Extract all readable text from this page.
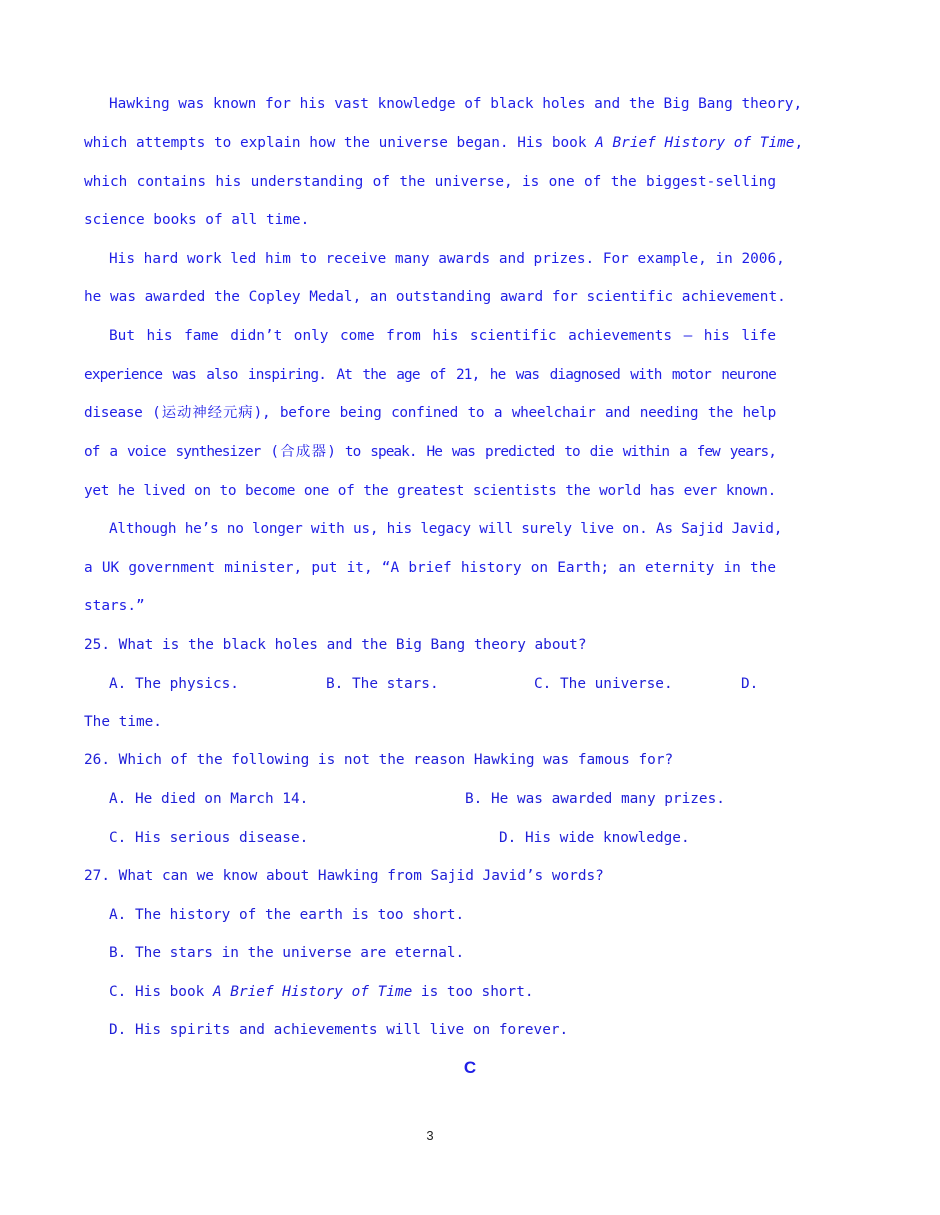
Hawking was known for his vast knowledge of black holes and the Big Bang theory,
which attempts to explain how the universe began. His book A Brief History of Time,
which contains his understanding of the universe, is one of the biggest-selling
science books of all time.
His hard work led him to receive many awards and prizes. For example, in 2006,
he was awarded the Copley Medal, an outstanding award for scientific achievement.
But his fame didn’t only come from his scientific achievements — his life
experience was also inspiring. At the age of 21, he was diagnosed with motor neurone
disease (运动神经元病), before being confined to a wheelchair and needing the help
of a voice synthesizer (合成器) to speak. He was predicted to die within a few years,
yet he lived on to become one of the greatest scientists the world has ever known.
Although he’s no longer with us, his legacy will surely live on. As Sajid Javid,
a UK government minister, put it, “A brief history on Earth; an eternity in the
stars.”
25. What is the black holes and the Big Bang theory about?
A. The physics.	B. The stars.	C. The universe.	D.
The time.
26. Which of the following is not the reason Hawking was famous for?
A. He died on March 14.	B. He was awarded many prizes.
C. His serious disease.	D. His wide knowledge.
27. What can we know about Hawking from Sajid Javid’s words?
A. The history of the earth is too short.
B. The stars in the universe are eternal.
C. His book A Brief History of Time is too short.
D. His spirits and achievements will live on forever.
C
3
